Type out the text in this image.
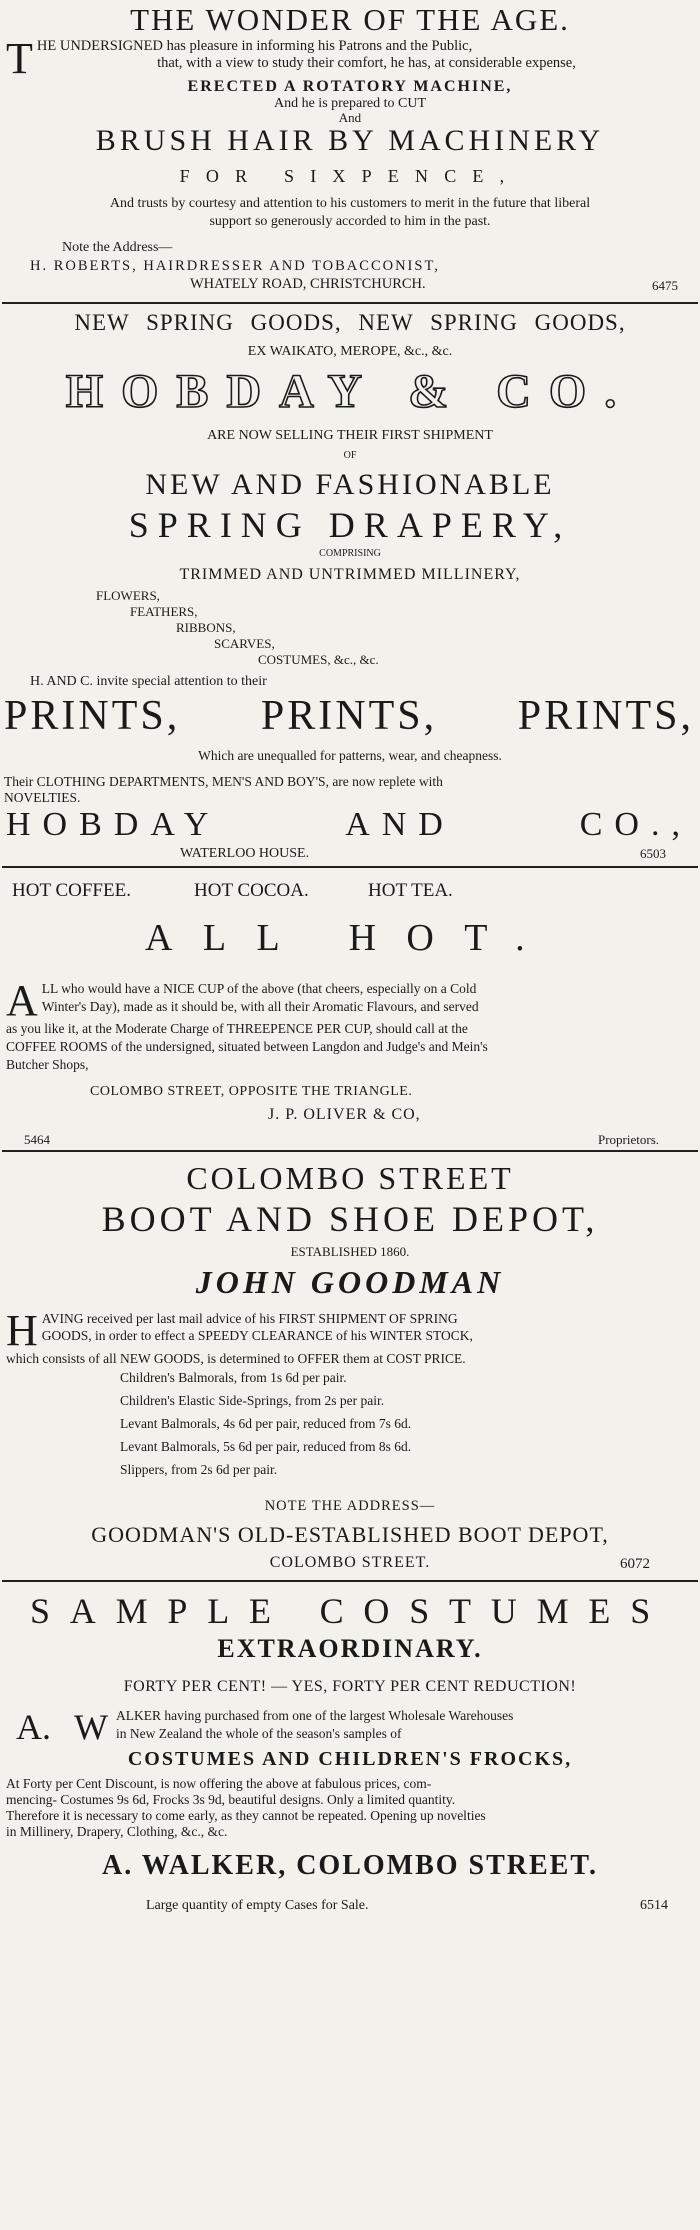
THE WONDER OF THE AGE.
T HE UNDERSIGNED has pleasure in informing his Patrons and the Public,
that, with a view to study their comfort, he has, at considerable expense,
ERECTED A ROTATORY MACHINE,
And he is prepared to CUT
And
BRUSH HAIR BY MACHINERY
FOR SIXPENCE,
And trusts by courtesy and attention to his customers to merit in the future that liberal
support so generously accorded to him in the past.
Note the Address—
H. ROBERTS, HAIRDRESSER AND TOBACCONIST,
WHATELY ROAD, CHRISTCHURCH.	6475
NEW SPRING GOODS, NEW SPRING GOODS,
EX WAIKATO, MEROPE, &c., &c.
HOBDAY & CO.
ARE NOW SELLING THEIR FIRST SHIPMENT
OF
NEW AND FASHIONABLE
SPRING DRAPERY,
COMPRISING
TRIMMED AND UNTRIMMED MILLINERY,
FLOWERS,
FEATHERS,
RIBBONS,
SCARVES,
COSTUMES, &c., &c.
H. AND C. invite special attention to their
PRINTS, PRINTS, PRINTS,
Which are unequalled for patterns, wear, and cheapness.
Their CLOTHING DEPARTMENTS, MEN'S AND BOY'S, are now replete with
NOVELTIES.
HOBDAY	AND	CO.,
WATERLOO HOUSE.	6503
HOT COFFEE.	HOT COCOA.	HOT TEA.
ALL HOT.
A LL who would have a NICE CUP of the above (that cheers, especially on a Cold
Winter's Day), made as it should be, with all their Aromatic Flavours, and served
as you like it, at the Moderate Charge of THREEPENCE PER CUP, should call at the
COFFEE ROOMS of the undersigned, situated between Langdon and Judge's and Mein's
Butcher Shops,
COLOMBO STREET, OPPOSITE THE TRIANGLE.
J. P. OLIVER & CO,
5464	Proprietors.
COLOMBO STREET
BOOT AND SHOE DEPOT,
ESTABLISHED 1860.
JOHN GOODMAN
H AVING received per last mail advice of his FIRST SHIPMENT OF SPRING
GOODS, in order to effect a SPEEDY CLEARANCE of his WINTER STOCK,
which consists of all NEW GOODS, is determined to OFFER them at COST PRICE.
Children's Balmorals, from 1s 6d per pair.
Children's Elastic Side-Springs, from 2s per pair.
Levant Balmorals, 4s 6d per pair, reduced from 7s 6d.
Levant Balmorals, 5s 6d per pair, reduced from 8s 6d.
Slippers, from 2s 6d per pair.
NOTE THE ADDRESS—
GOODMAN'S OLD-ESTABLISHED BOOT DEPOT,
COLOMBO STREET.	6072
SAMPLE COSTUMES
EXTRAORDINARY.
FORTY PER CENT! — YES, FORTY PER CENT REDUCTION!
A. W ALKER having purchased from one of the largest Wholesale Warehouses
in New Zealand the whole of the season's samples of
COSTUMES AND CHILDREN'S FROCKS,
At Forty per Cent Discount, is now offering the above at fabulous prices, com-
mencing- Costumes 9s 6d, Frocks 3s 9d, beautiful designs. Only a limited quantity.
Therefore it is necessary to come early, as they cannot be repeated. Opening up novelties
in Millinery, Drapery, Clothing, &c., &c.
A. WALKER, COLOMBO STREET.
Large quantity of empty Cases for Sale.	6514
